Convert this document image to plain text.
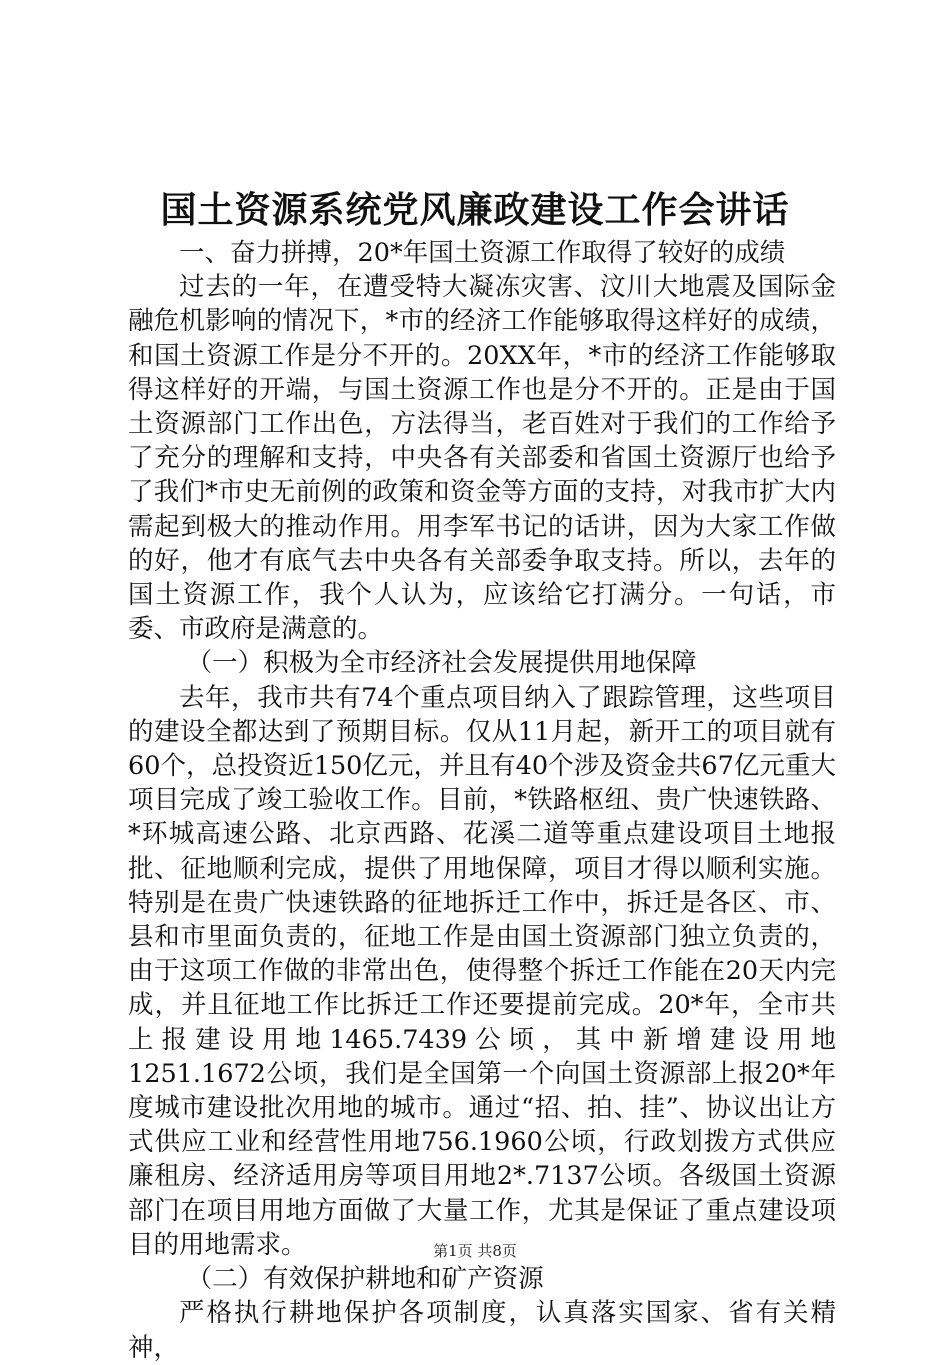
国土资源系统党风廉政建设工作会讲话

一、奋力拼搏，20*年国土资源工作取得了较好的成绩

过去的一年，在遭受特大凝冻灾害、汶川大地震及国际金融危机影响的情况下，*市的经济工作能够取得这样好的成绩，和国土资源工作是分不开的。20XX年，*市的经济工作能够取得这样好的开端，与国土资源工作也是分不开的。正是由于国土资源部门工作出色，方法得当，老百姓对于我们的工作给予了充分的理解和支持，中央各有关部委和省国土资源厅也给予了我们*市史无前例的政策和资金等方面的支持，对我市扩大内需起到极大的推动作用。用李军书记的话讲，因为大家工作做的好，他才有底气去中央各有关部委争取支持。所以，去年的国土资源工作，我个人认为，应该给它打满分。一句话，市委、市政府是满意的。

（一）积极为全市经济社会发展提供用地保障

去年，我市共有74个重点项目纳入了跟踪管理，这些项目的建设全都达到了预期目标。仅从11月起，新开工的项目就有60个，总投资近150亿元，并且有40个涉及资金共67亿元重大项目完成了竣工验收工作。目前，*铁路枢纽、贵广快速铁路、*环城高速公路、北京西路、花溪二道等重点建设项目土地报批、征地顺利完成，提供了用地保障，项目才得以顺利实施。特别是在贵广快速铁路的征地拆迁工作中，拆迁是各区、市、县和市里面负责的，征地工作是由国土资源部门独立负责的，由于这项工作做的非常出色，使得整个拆迁工作能在20天内完成，并且征地工作比拆迁工作还要提前完成。20*年，全市共上报建设用地1465.7439公顷，其中新增建设用地1251.1672公顷，我们是全国第一个向国土资源部上报20*年度城市建设批次用地的城市。通过“招、拍、挂”、协议出让方式供应工业和经营性用地756.1960公顷，行政划拨方式供应廉租房、经济适用房等项目用地2*.7137公顷。各级国土资源部门在项目用地方面做了大量工作，尤其是保证了重点建设项目的用地需求。

（二）有效保护耕地和矿产资源

严格执行耕地保护各项制度，认真落实国家、省有关精神，

第1页 共8页
